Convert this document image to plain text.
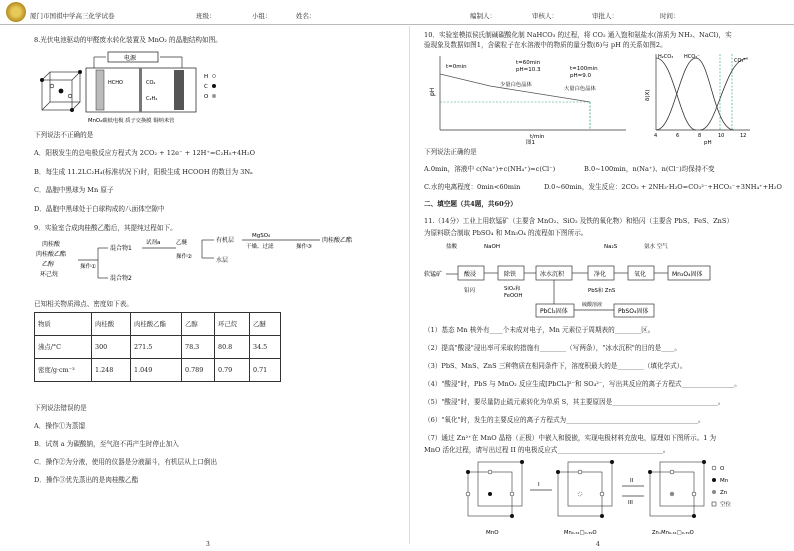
厦门市国祺中学高三化学试卷	班级：	小组：	姓名：	编制人：	审核人：	审批人：	时间：
8.光伏电池驱动的甲醛废水转化装置及 MnO₂ 的晶胞结构如图。
电源
HCHO	CO₂
C₂H₄
H
C
O
MnO₂碳纸电极 质子交换膜 铜纳米管
下列说法不正确的是
A．阳极发生的总电极反应方程式为 2CO₂ + 12e⁻ + 12H⁺=C₂H₅+4H₂O
B．每生成 11.2LC₂H₄(标准状况下)时，阳极生成 HCOOH 的数目为 3Nₐ
C．晶胞中黑球为 Mn 原子
D．晶胞中黑球处于白球构成的八面体空隙中
9．实验室合成肉桂酸乙酯后，其提纯过程如下。
肉桂酸
肉桂酸乙酯
乙醇
环己烷
操作①
混合物1
混合物2
试剂a	乙醚
操作②
有机层
水层
MgSO₄
干燥、过滤	操作③
肉桂酸乙酯
已知相关物质沸点、密度如下表。
物质	肉桂酸	肉桂酸乙酯	乙醇	环己烷	乙醚
沸点/°C	300	271.5	78.3	80.8	34.5
密度/g·cm⁻³	1.248	1.049	0.789	0.79	0.71
下列说法错误的是
A．操作①为蒸馏
B．试剂 a 为碳酸钠，至气泡不再产生时停止加入
C．操作②为分液，使用的仪器是分液漏斗，有机层从上口倒出
D．操作③优先蒸出的是肉桂酸乙酯
3
10．实验室模拟侯氏制碱碳酸化制 NaHCO₃ 的过程，将 CO₂ 通入饱和氨盐水(溶质为 NH₃、NaCl)，实
验现象及数据如图1，含碳粒子在水溶液中的物质的量分数(δ)与 pH 的关系如图2。
pH
t=0min
t=60min
pH=10.3
少量白色晶体
t=100min
pH=9.0
大量白色晶体
t/min
图1
δ(X)
H₂CO₃ HCO₃⁻
CO₃²⁻
4	6	8	10	12
pH
下列说法正确的是
A.0min，溶液中 c(Na⁺)+c(NH₄⁺)=c(Cl⁻)	B.0~100min，n(Na⁺)、n(Cl⁻)均保持不变
C.水的电离程度：0min<60min	D.0~60min，发生反应：2CO₂ + 2NH₃·H₂O=CO₃²⁻+HCO₃⁻+3NH₄⁺+H₂O
二、填空题（共4题，共60分）
11.（14分）工业上用软锰矿（主要含 MnO₂、SiO₂ 及铁的氧化物）和铅闪（主要含 PbS、FeS、ZnS）
为原料联合制取 PbSO₄ 和 Mn₃O₄ 的流程如下图所示。
盐酸	NaOH	Na₂S	氨水 空气
软锰矿	酸浸	除铁	冰水沉积	净化	氧化	Mn₃O₄固体
铅闪	SiO₂和
FeOOH
PbS和 ZnS
PbCl₂固体
硫酸溶液
PbSO₄固体
（1）基态 Mn 核外有____个未成对电子，Mn 元素位于周期表的________区。
（2）提高"酸浸"浸出率可采取的措施有________（写两条），"冰水沉积"的目的是____。
（3）PbS、MnS、ZnS 三种物质在相同条件下，溶度积最大的是________（填化学式）。
（4）"酸浸"时，PbS 与 MnO₂ 反应生成[PbCl₄]²⁻和 SO₄²⁻，写出其反应的离子方程式________________。
（5）"酸浸"时，要尽量防止硫元素转化为单质 S，其主要原因是________________________________。
（6）"氧化"时，发生的主要反应的离子方程式为________________________________________。
（7）通过 Zn²⁺在 MnO 晶格（正极）中嵌入和脱嵌，实现电极材料充放电，原理如下图所示。1 为
MnO 活化过程，请写出过程 II 的电极反应式________________________________。
MnO
I
Mn₀.₆₁□₀.₃₉O
II
III
ZnₓMn₀.₆₁□₀.₃₉O
O
Mn
Zn
空位
4
